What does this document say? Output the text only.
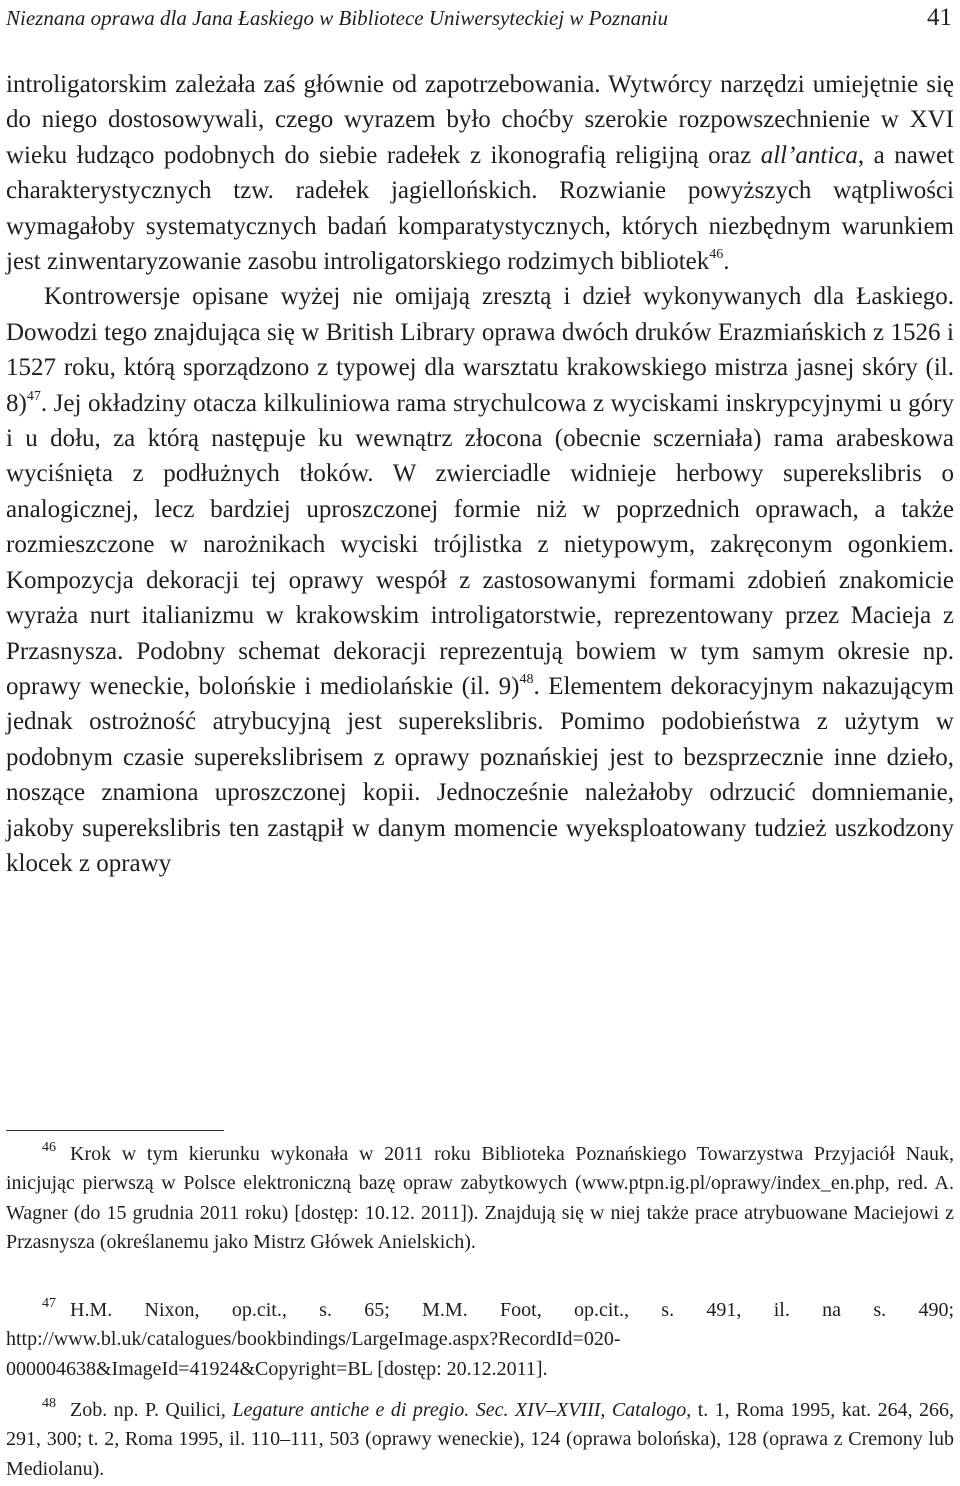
Nieznana oprawa dla Jana Łaskiego w Bibliotece Uniwersyteckiej w Poznaniu	41

introligatorskim zależała zaś głównie od zapotrzebowania. Wytwórcy narzędzi umiejętnie się do niego dostosowywali, czego wyrazem było choćby szerokie rozpowszechnienie w XVI wieku łudząco podobnych do siebie radełek z ikonografią religijną oraz all’antica, a nawet charakterystycznych tzw. radełek jagiellońskich. Rozwianie powyższych wątpliwości wymagałoby systematycznych badań komparatystycznych, których niezbędnym warunkiem jest zinwentaryzowanie zasobu introligatorskiego rodzimych bibliotek$^{46}$.

Kontrowersje opisane wyżej nie omijają zresztą i dzieł wykonywanych dla Łaskiego. Dowodzi tego znajdująca się w British Library oprawa dwóch druków Erazmiańskich z 1526 i 1527 roku, którą sporządzono z typowej dla warsztatu krakowskiego mistrza jasnej skóry (il. 8)$^{47}$. Jej okładziny otacza kilkuliniowa rama strychulcowa z wyciskami inskrypcyjnymi u góry i u dołu, za którą następuje ku wewnątrz złocona (obecnie sczerniała) rama arabeskowa wyciśnięta z podłużnych tłoków. W zwierciadle widnieje herbowy superekslibris o analogicznej, lecz bardziej uproszczonej formie niż w poprzednich oprawach, a także rozmieszczone w narożnikach wyciski trójlistka z nietypowym, zakręconym ogonkiem. Kompozycja dekoracji tej oprawy wespół z zastosowanymi formami zdobień znakomicie wyraża nurt italianizmu w krakowskim introligatorstwie, reprezentowany przez Macieja z Przasnysza. Podobny schemat dekoracji reprezentują bowiem w tym samym okresie np. oprawy weneckie, bolońskie i mediolańskie (il. 9)$^{48}$. Elementem dekoracyjnym nakazującym jednak ostrożność atrybucyjną jest superekslibris. Pomimo podobieństwa z użytym w podobnym czasie superekslibrisem z oprawy poznańskiej jest to bezsprzecznie inne dzieło, noszące znamiona uproszczonej kopii. Jednocześnie należałoby odrzucić domniemanie, jakoby superekslibris ten zastąpił w danym momencie wyeksploatowany tudzież uszkodzony klocek z oprawy

$^{46}$ Krok w tym kierunku wykonała w 2011 roku Biblioteka Poznańskiego Towarzystwa Przyjaciół Nauk, inicjując pierwszą w Polsce elektroniczną bazę opraw zabytkowych (www.ptpn.ig.pl/oprawy/index_en.php, red. A. Wagner (do 15 grudnia 2011 roku) [dostęp: 10.12. 2011]). Znajdują się w niej także prace atrybuowane Maciejowi z Przasnysza (określanemu jako Mistrz Główek Anielskich).
$^{47}$ H.M. Nixon, op.cit., s. 65; M.M. Foot, op.cit., s. 491, il. na s. 490; http://www.bl.uk/catalogues/bookbindings/LargeImage.aspx?RecordId=020-000004638&ImageId=41924&Copyright=BL [dostęp: 20.12.2011].
$^{48}$ Zob. np. P. Quilici, Legature antiche e di pregio. Sec. XIV–XVIII, Catalogo, t. 1, Roma 1995, kat. 264, 266, 291, 300; t. 2, Roma 1995, il. 110–111, 503 (oprawy weneckie), 124 (oprawa bolońska), 128 (oprawa z Cremony lub Mediolanu).
